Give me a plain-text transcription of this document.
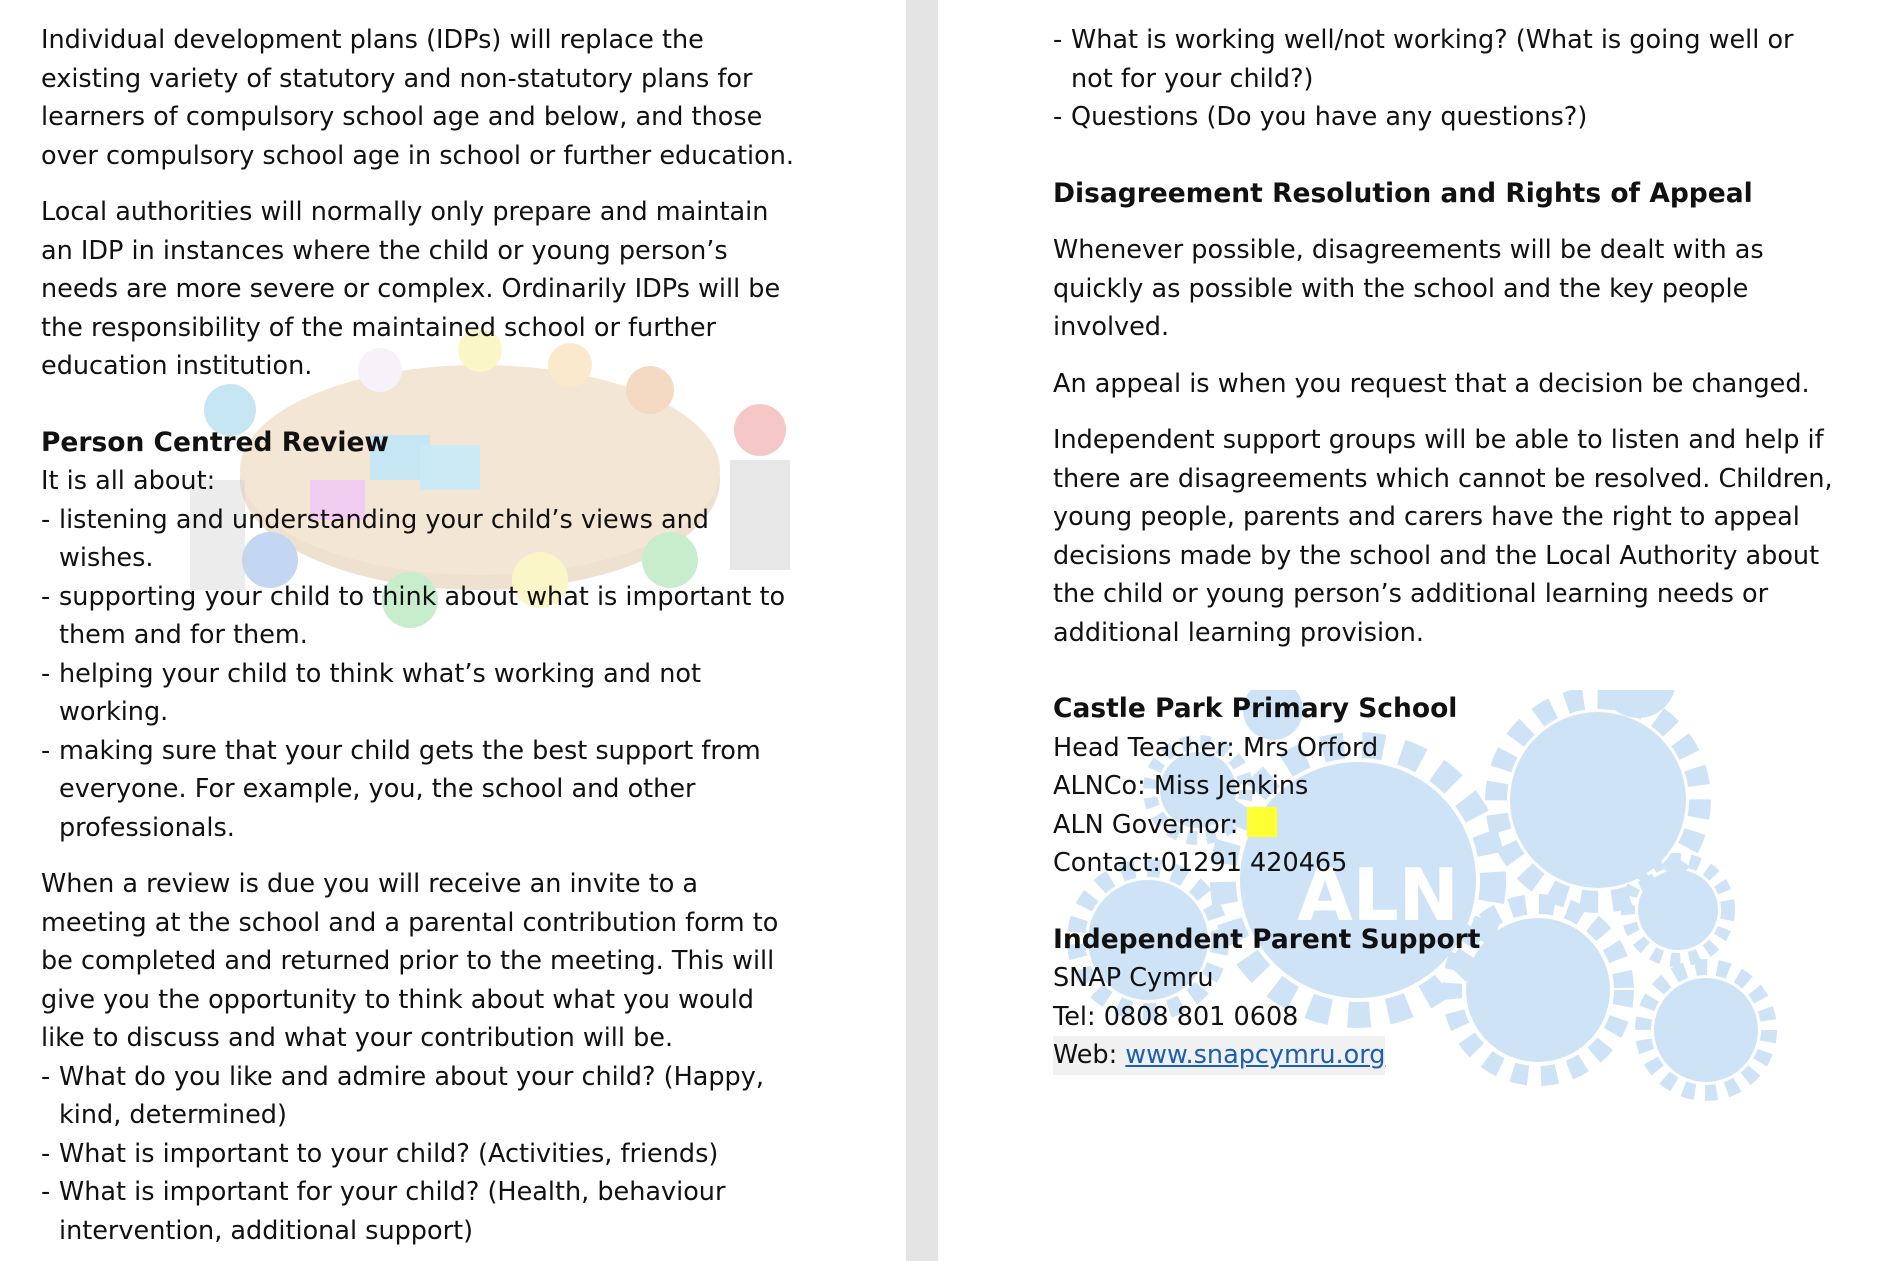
Individual development plans (IDPs) will replace the existing variety of statutory and non-statutory plans for learners of compulsory school age and below, and those over compulsory school age in school or further education.

Local authorities will normally only prepare and maintain an IDP in instances where the child or young person’s needs are more severe or complex. Ordinarily IDPs will be the responsibility of the maintained school or further education institution.

Person Centred Review
It is all about:
- listening and understanding your child’s views and wishes.
- supporting your child to think about what is important to them and for them.
- helping your child to think what’s working and not working.
- making sure that your child gets the best support from everyone. For example, you, the school and other professionals.

When a review is due you will receive an invite to a meeting at the school and a parental contribution form to be completed and returned prior to the meeting. This will give you the opportunity to think about what you would like to discuss and what your contribution will be.

- What do you like and admire about your child? (Happy, kind, determined)
- What is important to your child? (Activities, friends)
- What is important for your child? (Health, behaviour intervention, additional support)
ALN
- What is working well/not working? (What is going well or not for your child?)
- Questions (Do you have any questions?)
Disagreement Resolution and Rights of Appeal

Whenever possible, disagreements will be dealt with as quickly as possible with the school and the key people involved.

An appeal is when you request that a decision be changed.

Independent support groups will be able to listen and help if there are disagreements which cannot be resolved. Children, young people, parents and carers have the right to appeal decisions made by the school and the Local Authority about the child or young person’s additional learning needs or additional learning provision.

Castle Park Primary School
Head Teacher: Mrs Orford
ALNCo: Miss Jenkins
ALN Governor:
Contact:01291 420465
Independent Parent Support
SNAP Cymru
Tel: 0808 801 0608
Web: www.snapcymru.org
